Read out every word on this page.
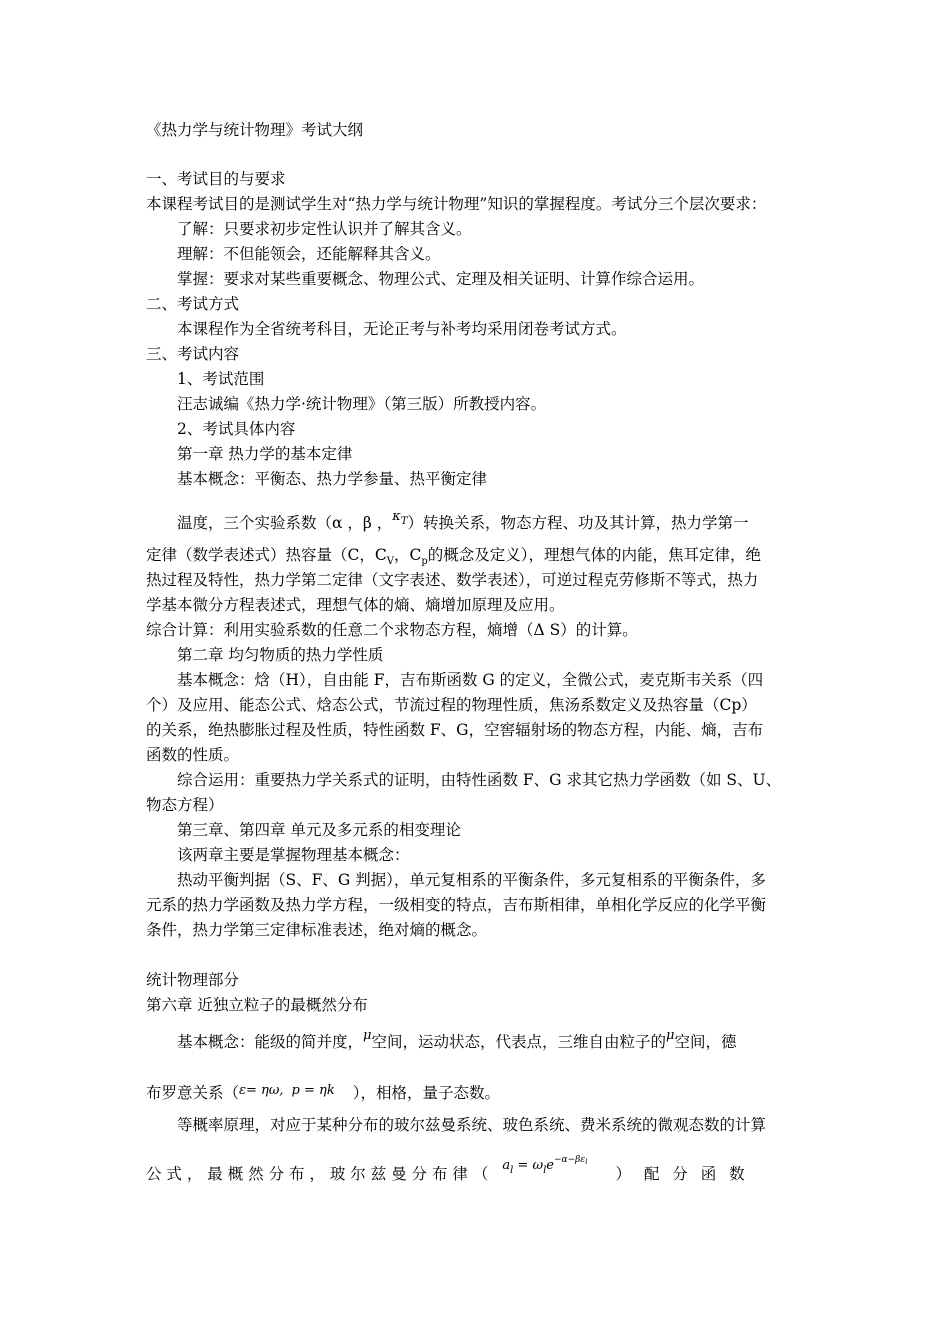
《热力学与统计物理》考试大纲
一、考试目的与要求
本课程考试目的是测试学生对“热力学与统计物理”知识的掌握程度。考试分三个层次要求：
了解：只要求初步定性认识并了解其含义。
理解：不但能领会，还能解释其含义。
掌握：要求对某些重要概念、物理公式、定理及相关证明、计算作综合运用。
二、考试方式
本课程作为全省统考科目，无论正考与补考均采用闭卷考试方式。
三、考试内容
1、考试范围
汪志诚编《热力学·统计物理》（第三版）所教授内容。
2、考试具体内容
第一章 热力学的基本定律
基本概念：平衡态、热力学参量、热平衡定律
温度，三个实验系数（α ，β ，$^{\kappa_T}$）转换关系，物态方程、功及其计算，热力学第一
定律（数学表述式）热容量（C，$C_V$，$C_p$的概念及定义），理想气体的内能，焦耳定律，绝
热过程及特性，热力学第二定律（文字表述、数学表述），可逆过程克劳修斯不等式，热力
学基本微分方程表述式，理想气体的熵、熵增加原理及应用。
综合计算：利用实验系数的任意二个求物态方程，熵增（Δ S）的计算。
第二章 均匀物质的热力学性质
基本概念：焓（H），自由能 F，吉布斯函数 G 的定义，全微公式，麦克斯韦关系（四
个）及应用、能态公式、焓态公式，节流过程的物理性质，焦汤系数定义及热容量（Cp）
的关系，绝热膨胀过程及性质，特性函数 F、G，空窖辐射场的物态方程，内能、熵，吉布
函数的性质。
综合运用：重要热力学关系式的证明，由特性函数 F、G 求其它热力学函数（如 S、U、
物态方程）
第三章、第四章 单元及多元系的相变理论
该两章主要是掌握物理基本概念：
热动平衡判据（S、F、G 判据），单元复相系的平衡条件，多元复相系的平衡条件，多
元系的热力学函数及热力学方程，一级相变的特点，吉布斯相律，单相化学反应的化学平衡
条件，热力学第三定律标准表述，绝对熵的概念。
统计物理部分
第六章 近独立粒子的最概然分布
基本概念：能级的简并度，$^\mu$空间，运动状态，代表点，三维自由粒子的$^\mu$空间，德
布罗意关系（$^{\varepsilon= \eta\omega,}$ $^{p = \eta k}$ ），相格，量子态数。
等概率原理，对应于某种分布的玻尔兹曼系统、玻色系统、费米系统的微观态数的计算
公 式 ， 最 概 然 分 布 ， 玻 尔 兹 曼 分 布 律 （ $^{a_l = \omega_le^{-\alpha-\beta\varepsilon l}}$） 配 分 函 数
